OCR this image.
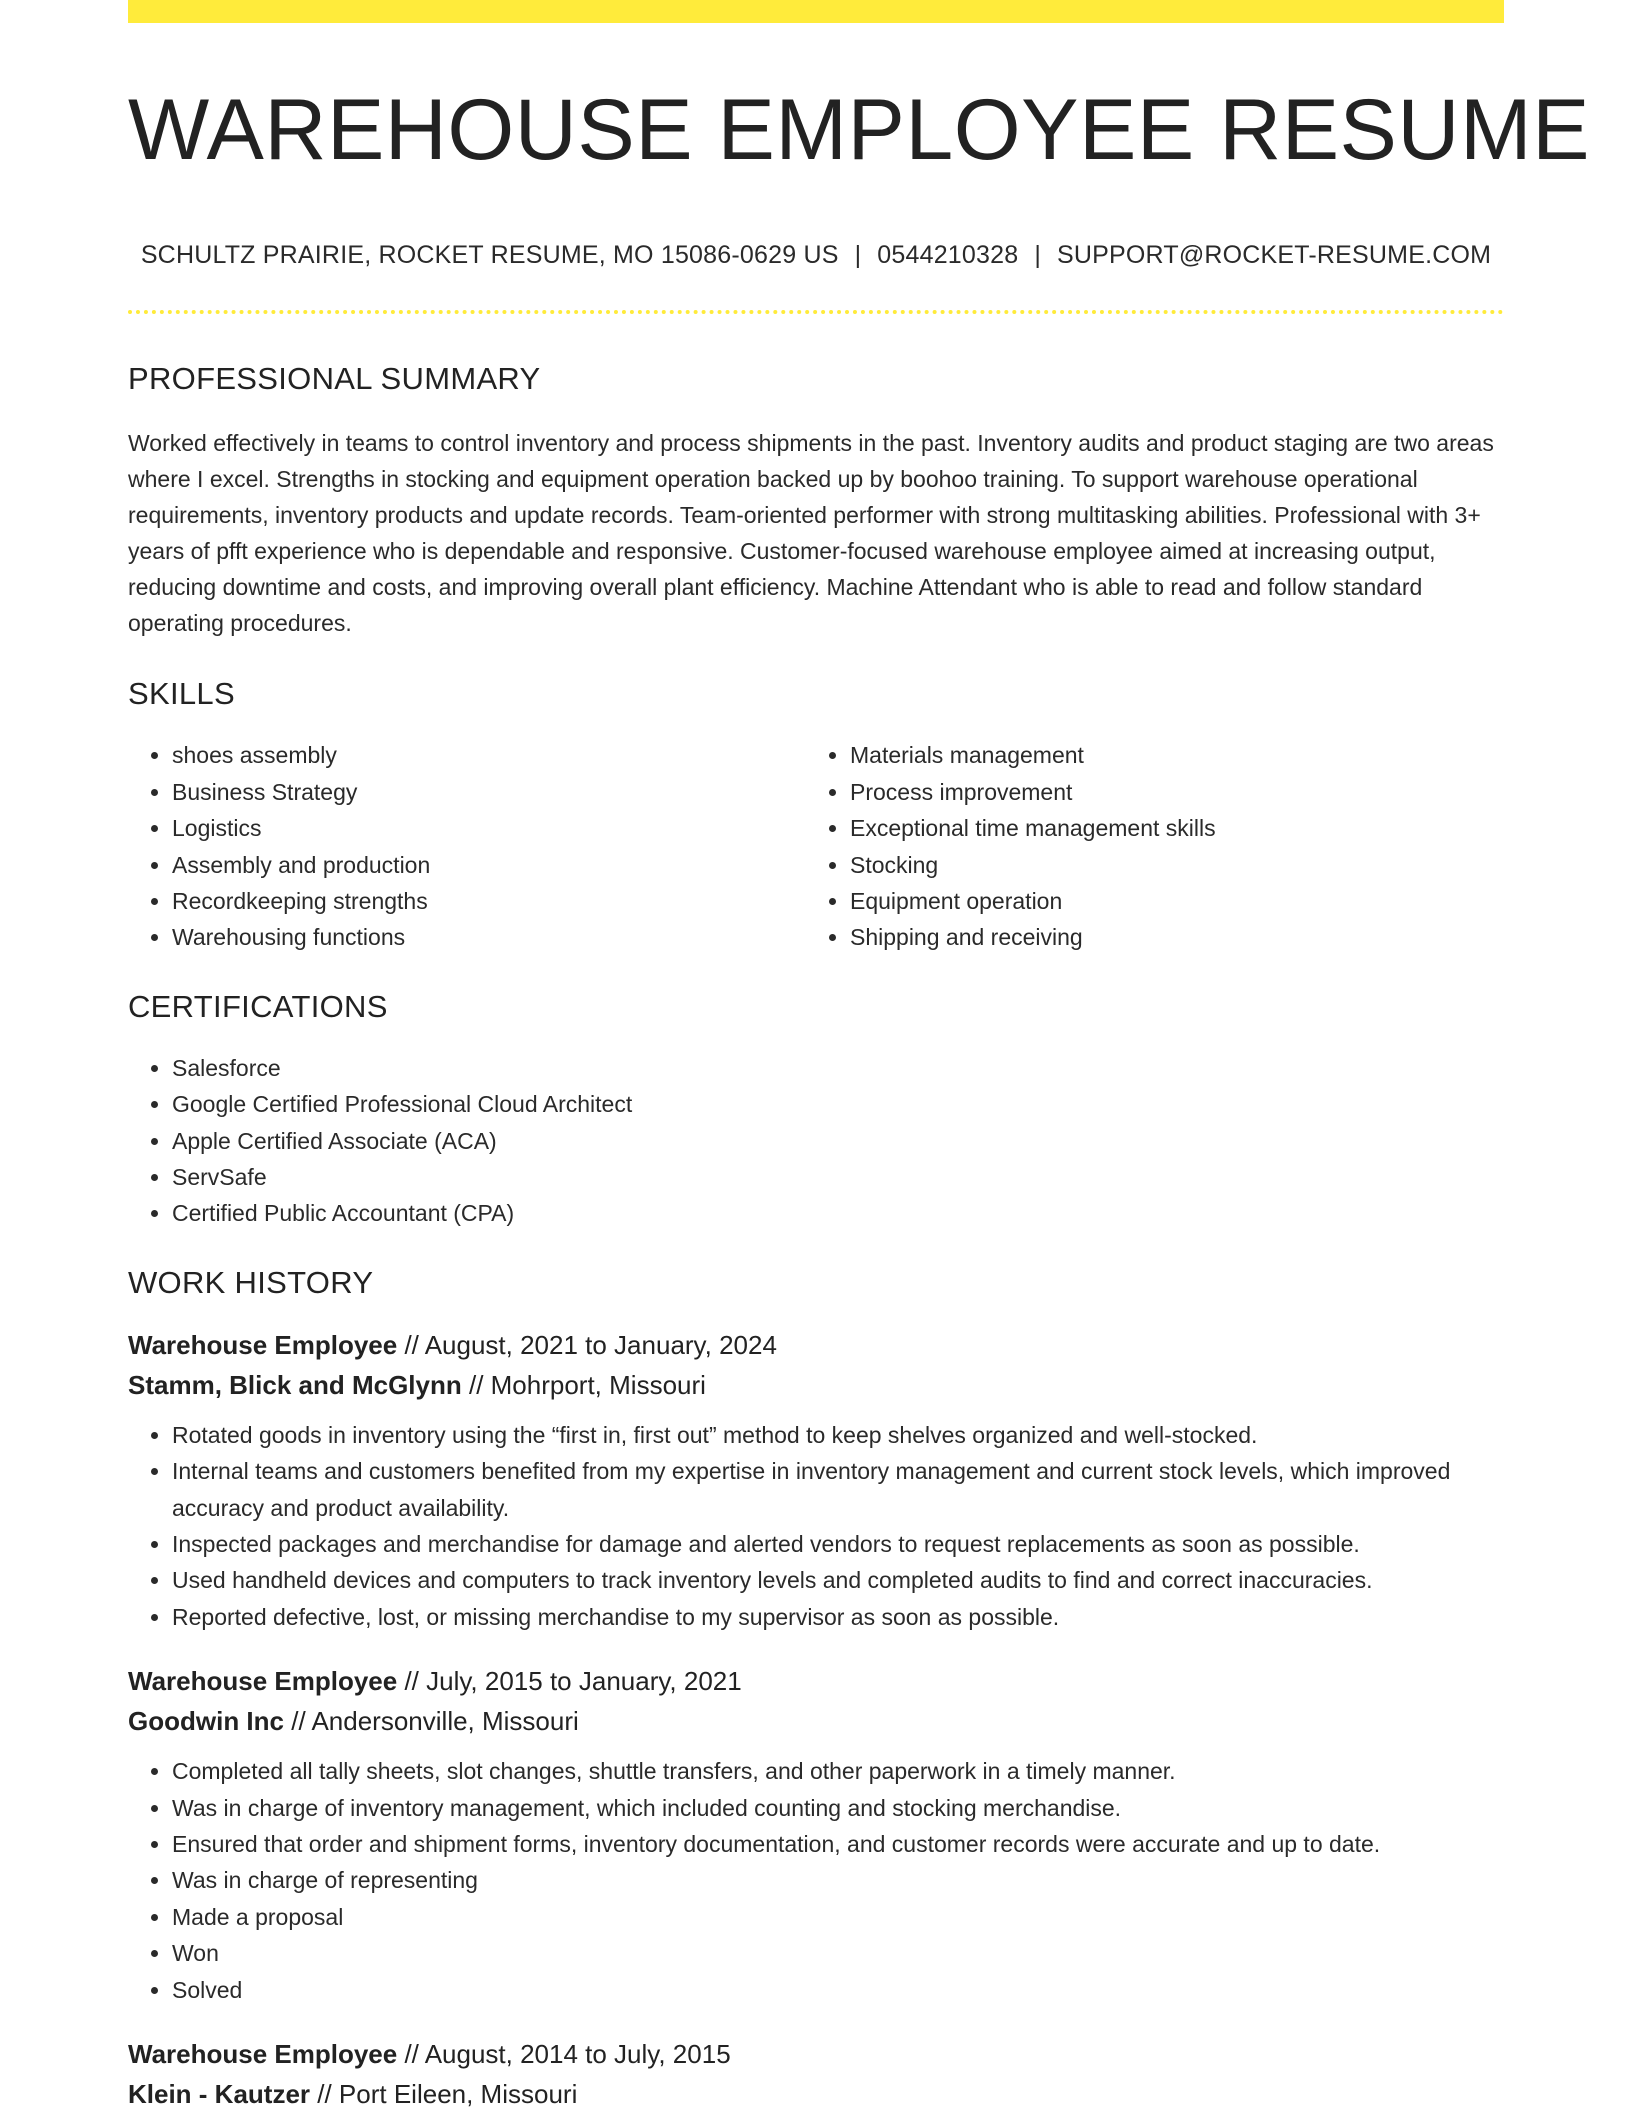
WAREHOUSE EMPLOYEE RESUME
SCHULTZ PRAIRIE, ROCKET RESUME, MO 15086-0629 US | 0544210328 | SUPPORT@ROCKET-RESUME.COM
PROFESSIONAL SUMMARY

Worked effectively in teams to control inventory and process shipments in the past. Inventory audits and product staging are two areas where I excel. Strengths in stocking and equipment operation backed up by boohoo training. To support warehouse operational requirements, inventory products and update records. Team-oriented performer with strong multitasking abilities. Professional with 3+ years of pfft experience who is dependable and responsive. Customer-focused warehouse employee aimed at increasing output, reducing downtime and costs, and improving overall plant efficiency. Machine Attendant who is able to read and follow standard operating procedures.

SKILLS
• shoes assembly
• Business Strategy
• Logistics
• Assembly and production
• Recordkeeping strengths
• Warehousing functions
• Materials management
• Process improvement
• Exceptional time management skills
• Stocking
• Equipment operation
• Shipping and receiving
CERTIFICATIONS
• Salesforce
• Google Certified Professional Cloud Architect
• Apple Certified Associate (ACA)
• ServSafe
• Certified Public Accountant (CPA)
WORK HISTORY
Warehouse Employee // August, 2021 to January, 2024
Stamm, Blick and McGlynn // Mohrport, Missouri
• Rotated goods in inventory using the “first in, first out” method to keep shelves organized and well-stocked.
• Internal teams and customers benefited from my expertise in inventory management and current stock levels, which improved accuracy and product availability.
• Inspected packages and merchandise for damage and alerted vendors to request replacements as soon as possible.
• Used handheld devices and computers to track inventory levels and completed audits to find and correct inaccuracies.
• Reported defective, lost, or missing merchandise to my supervisor as soon as possible.
Warehouse Employee // July, 2015 to January, 2021
Goodwin Inc // Andersonville, Missouri
• Completed all tally sheets, slot changes, shuttle transfers, and other paperwork in a timely manner.
• Was in charge of inventory management, which included counting and stocking merchandise.
• Ensured that order and shipment forms, inventory documentation, and customer records were accurate and up to date.
• Was in charge of representing
• Made a proposal
• Won
• Solved
Warehouse Employee // August, 2014 to July, 2015
Klein - Kautzer // Port Eileen, Missouri
